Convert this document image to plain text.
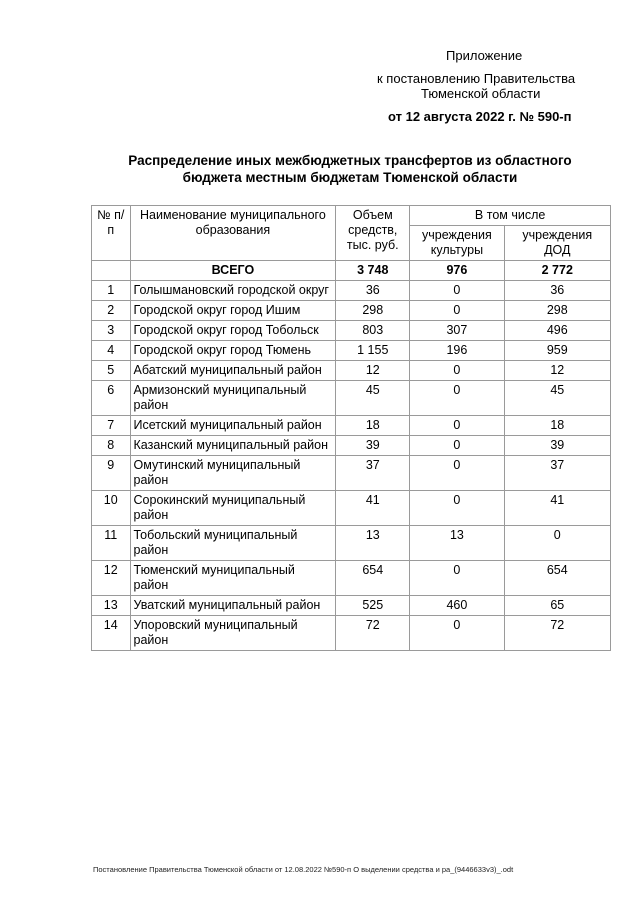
Приложение
к постановлению Правительства
Тюменской области
от 12 августа 2022 г. № 590-п
Распределение иных межбюджетных трансфертов из областного
бюджета местным бюджетам Тюменской области
№ п/п	Наименование муниципального образования	Объем средств, тыс. руб.	В том числе	
			учреждения культуры	учреждения ДОД
	ВСЕГО	3 748	976	2 772
1	Голышмановский городской округ	36	0	36
2	Городской округ город Ишим	298	0	298
3	Городской округ город Тобольск	803	307	496
4	Городской округ город Тюмень	1 155	196	959
5	Абатский муниципальный район	12	0	12
6	Армизонский муниципальный район	45	0	45
7	Исетский муниципальный район	18	0	18
8	Казанский муниципальный район	39	0	39
9	Омутинский муниципальный район	37	0	37
10	Сорокинский муниципальный район	41	0	41
11	Тобольский муниципальный район	13	13	0
12	Тюменский муниципальный район	654	0	654
13	Уватский муниципальный район	525	460	65
14	Упоровский муниципальный район	72	0	72
Постановление Правительства Тюменской области от 12.08.2022 №590-п О выделении средства и ра_(9446633v3)_.odt
